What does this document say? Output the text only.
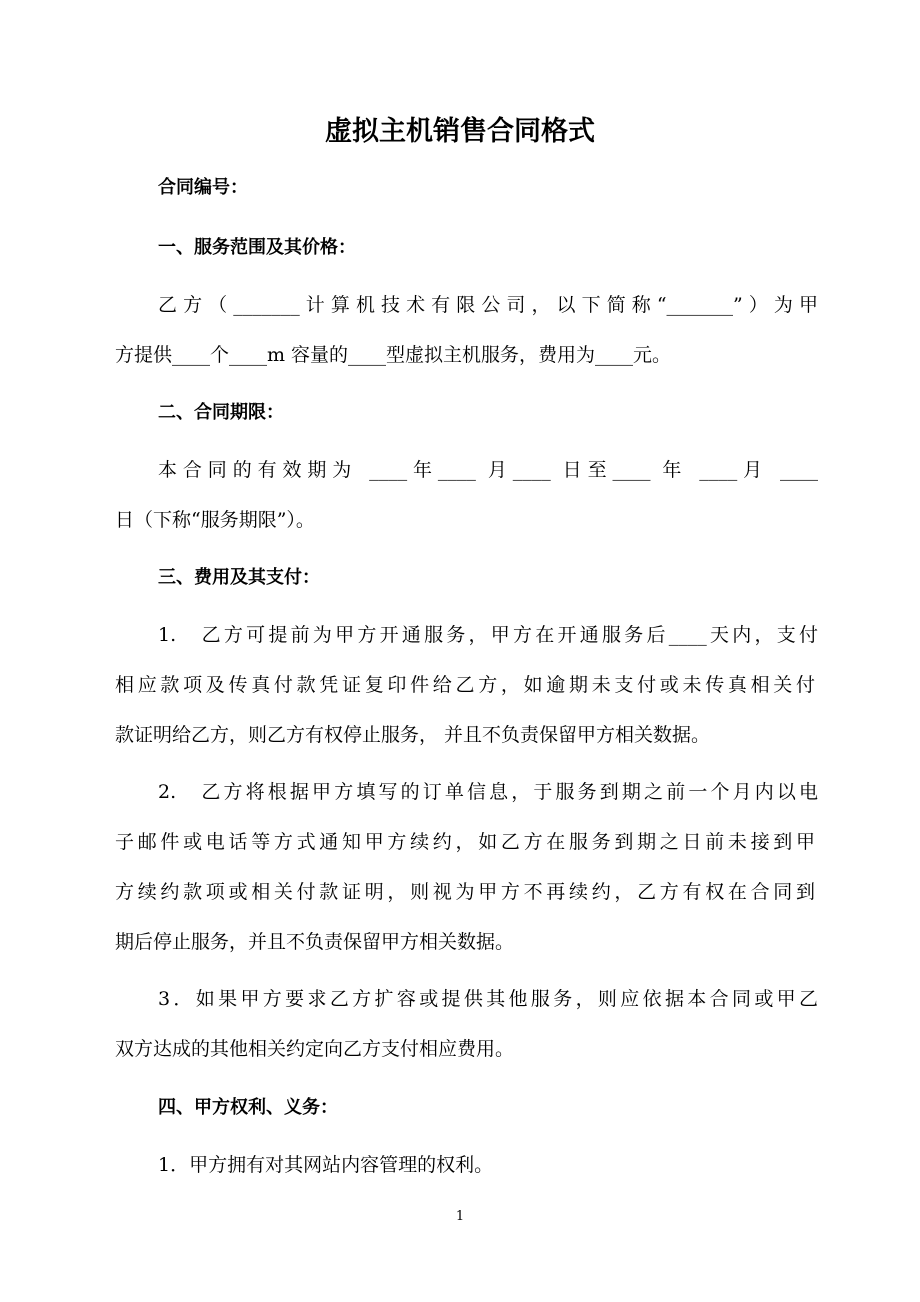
虚拟主机销售合同格式

合同编号：

一、服务范围及其价格：

乙方（_______计算机技术有限公司，以下简称“_______”）为甲

方提供____个____m 容量的____型虚拟主机服务，费用为____元。

二、合同期限：

本合同的有效期为 ____年____ 月____ 日至____ 年 ____月 ____

日（下称“服务期限”）。

三、费用及其支付：

1.　乙方可提前为甲方开通服务，甲方在开通服务后____天内，支付

相应款项及传真付款凭证复印件给乙方，如逾期未支付或未传真相关付

款证明给乙方，则乙方有权停止服务， 并且不负责保留甲方相关数据。

2.　乙方将根据甲方填写的订单信息，于服务到期之前一个月内以电

子邮件或电话等方式通知甲方续约，如乙方在服务到期之日前未接到甲

方续约款项或相关付款证明，则视为甲方不再续约，乙方有权在合同到

期后停止服务，并且不负责保留甲方相关数据。

3．如果甲方要求乙方扩容或提供其他服务，则应依据本合同或甲乙

双方达成的其他相关约定向乙方支付相应费用。

四、甲方权利、义务：

1．甲方拥有对其网站内容管理的权利。

1
